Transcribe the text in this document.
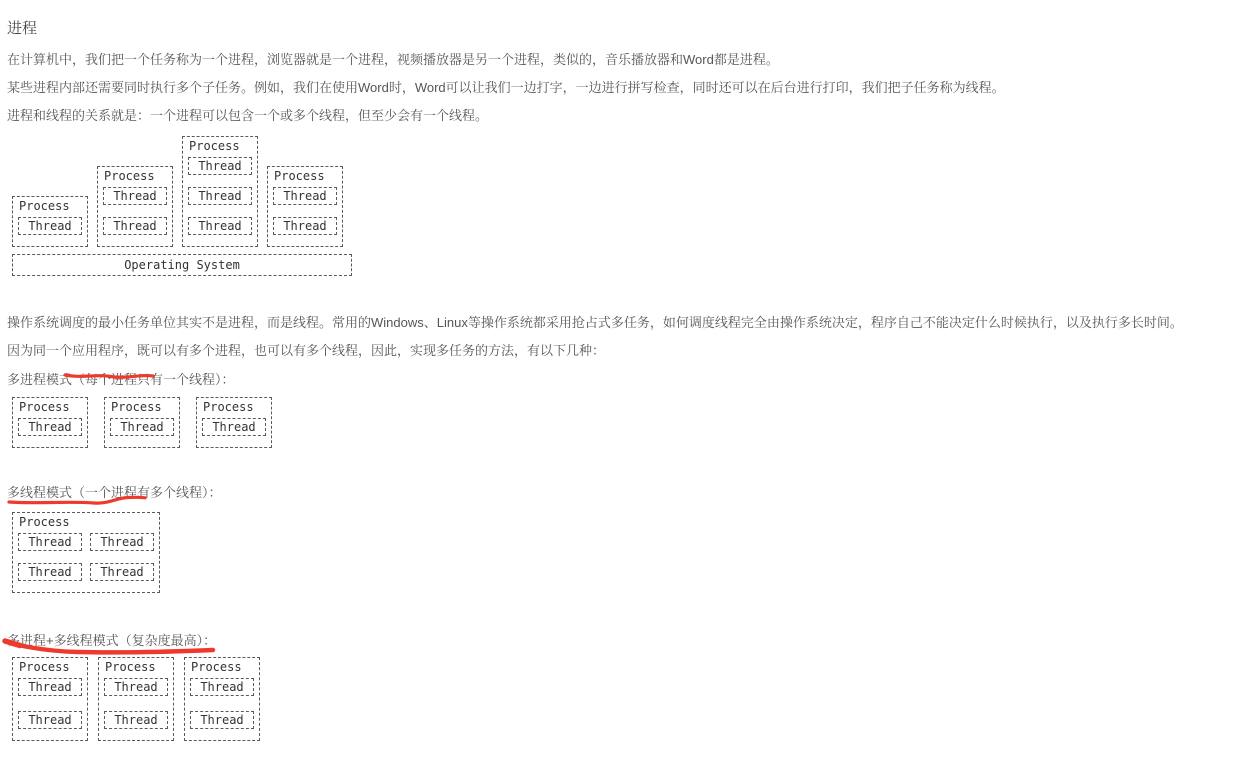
进程

在计算机中，我们把一个任务称为一个进程，浏览器就是一个进程，视频播放器是另一个进程，类似的，音乐播放器和Word都是进程。

某些进程内部还需要同时执行多个子任务。例如，我们在使用Word时，Word可以让我们一边打字，一边进行拼写检查，同时还可以在后台进行打印，我们把子任务称为线程。

进程和线程的关系就是：一个进程可以包含一个或多个线程，但至少会有一个线程。

Process
Thread
Process
Thread
Thread
Process
Thread
Thread
Thread
Process
Thread
Thread
Operating System

操作系统调度的最小任务单位其实不是进程，而是线程。常用的Windows、Linux等操作系统都采用抢占式多任务，如何调度线程完全由操作系统决定，程序自己不能决定什么时候执行，以及执行多长时间。

因为同一个应用程序，既可以有多个进程，也可以有多个线程，因此，实现多任务的方法，有以下几种：

多进程模式（每个进程只有一个线程）：

Process
Thread
Process
Thread
Process
Thread

多线程模式（一个进程有多个线程）：

Process
Thread	Thread
Thread	Thread

多进程+多线程模式（复杂度最高）：

Process
Thread
Thread
Process
Thread
Thread
Process
Thread
Thread
